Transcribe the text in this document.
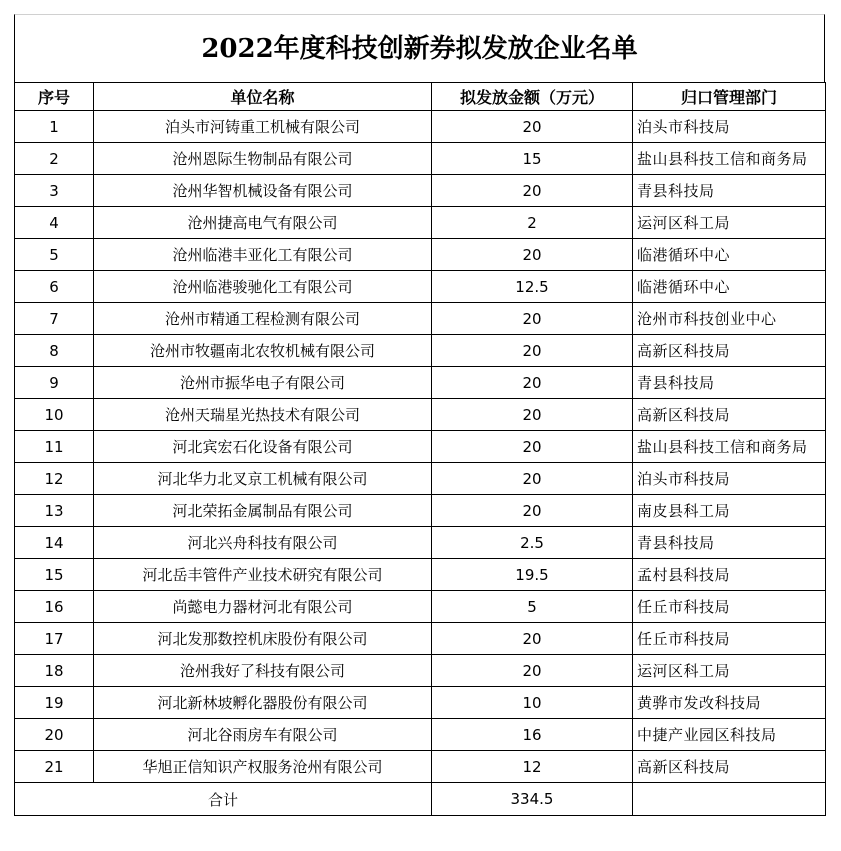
2022年度科技创新券拟发放企业名单
序号	单位名称	拟发放金额（万元）	归口管理部门
1	泊头市河铸重工机械有限公司	20	泊头市科技局
2	沧州恩际生物制品有限公司	15	盐山县科技工信和商务局
3	沧州华智机械设备有限公司	20	青县科技局
4	沧州捷高电气有限公司	2	运河区科工局
5	沧州临港丰亚化工有限公司	20	临港循环中心
6	沧州临港骏驰化工有限公司	12.5	临港循环中心
7	沧州市精通工程检测有限公司	20	沧州市科技创业中心
8	沧州市牧疆南北农牧机械有限公司	20	高新区科技局
9	沧州市振华电子有限公司	20	青县科技局
10	沧州天瑞星光热技术有限公司	20	高新区科技局
11	河北宾宏石化设备有限公司	20	盐山县科技工信和商务局
12	河北华力北叉京工机械有限公司	20	泊头市科技局
13	河北荣拓金属制品有限公司	20	南皮县科工局
14	河北兴舟科技有限公司	2.5	青县科技局
15	河北岳丰管件产业技术研究有限公司	19.5	孟村县科技局
16	尚懿电力器材河北有限公司	5	任丘市科技局
17	河北发那数控机床股份有限公司	20	任丘市科技局
18	沧州我好了科技有限公司	20	运河区科工局
19	河北新林坡孵化器股份有限公司	10	黄骅市发改科技局
20	河北谷雨房车有限公司	16	中捷产业园区科技局
21	华旭正信知识产权服务沧州有限公司	12	高新区科技局
合计		334.5	
